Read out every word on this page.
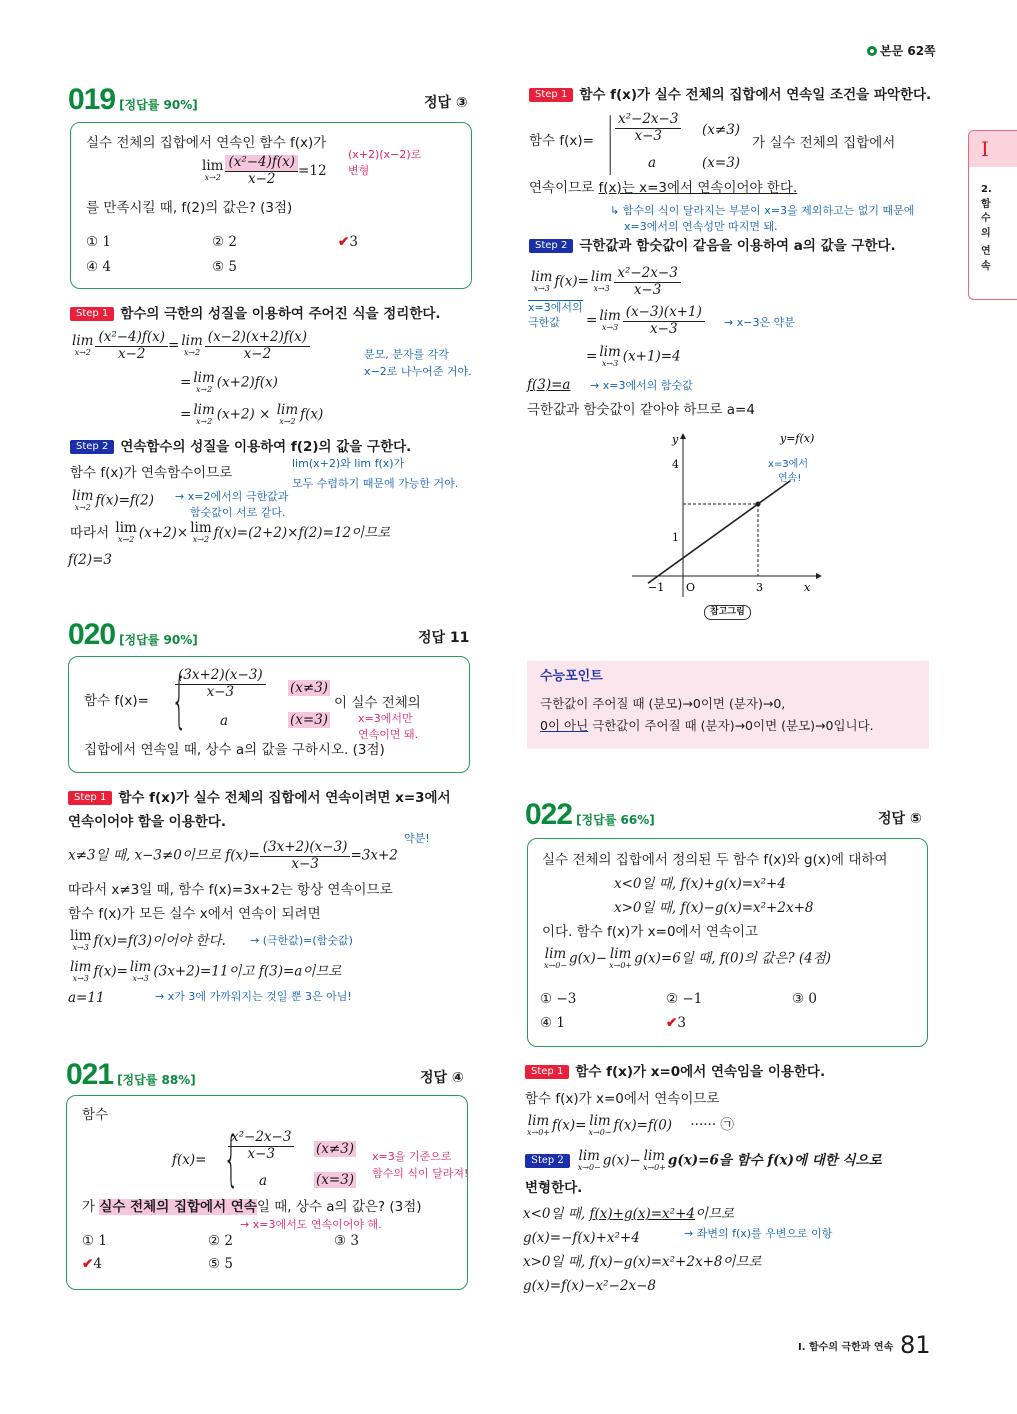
본문 62쪽
I
2.
함
수
의
연
속
019 [정답률 90%]	정답 ③
실수 전체의 집합에서 연속인 함수 f(x)가
lim
$x\to 2 \frac{\text{(x²−4)f(x)}}{x-2} =12$
(x+2)(x−2)로
변형
를 만족시킬 때, f(2)의 값은? (3점)
① 1	② 2	✔3
④ 4	⑤ 5
Step 1 함수의 극한의 성질을 이용하여 주어진 식을 정리한다.
lim
$x\to 2 \frac{\text{(x²−4)f(x)}}{x-2} = \lim$
$x\to 2 \frac{(x-2)(x+2)f(x)}{x-2}$
= lim
x→2 (x+2)f(x)
= lim
x→2 (x+2) × lim
x→2 f(x)
분모, 분자를 각각
x−2로 나누어준 거야.
Step 2 연속함수의 성질을 이용하여 f(2)의 값을 구한다.
lim(x+2)와 lim f(x)가
모두 수렴하기 때문에 가능한 거야.
함수 f(x)가 연속함수이므로
lim
x→2 f(x)=f(2) → x=2에서의 극한값과
함숫값이 서로 같다.
따라서 lim
x→2 (x+2)× lim
x→2 f(x)=(2+2)×f(2)=12이므로
f(2)=3
020 [정답률 90%]	정답 11
함수 f(x)= {
$\frac{(3x+2)(x-3)}{x-3}$
a
(x≠3)
(x=3)
이 실수 전체의
x=3에서만
연속이면 돼.
집합에서 연속일 때, 상수 a의 값을 구하시오. (3점)
Step 1 함수 f(x)가 실수 전체의 집합에서 연속이려면 x=3에서
연속이어야 함을 이용한다.
x≠3일 때, x−3≠0이므로 $f(x)= \frac{(3x+2)(x-3)}{x-3} =3x+2$
약분!
따라서 x≠3일 때, 함수 f(x)=3x+2는 항상 연속이므로
함수 f(x)가 모든 실수 x에서 연속이 되려면
lim
x→3 f(x)=f(3)이어야 한다. → (극한값)=(함숫값)
lim
x→3 f(x)= lim
x→3 (3x+2)=11이고 f(3)=a이므로
a=11	→ x가 3에 가까워지는 것일 뿐 3은 아님!
021 [정답률 88%]	정답 ④
함수
f(x)= {
$\frac{\text{x²−2x−3}}{x-3}$
a
(x≠3)
(x=3)
x=3을 기준으로
함수의 식이 달라져!
가 실수 전체의 집합에서 연속일 때, 상수 a의 값은? (3점)
→ x=3에서도 연속이어야 해.
① 1	② 2	③ 3
✔4	⑤ 5
Step 1 함수 f(x)가 실수 전체의 집합에서 연속일 조건을 파악한다.
함수 f(x)= | $\frac{\text{x²−2x−3}}{x-3}$
a
(x≠3)
(x=3)
가 실수 전체의 집합에서
연속이므로 f(x)는 x=3에서 연속이어야 한다.
↳ 함수의 식이 달라지는 부분이 x=3을 제외하고는 없기 때문에
x=3에서의 연속성만 따지면 돼.
Step 2 극한값과 함숫값이 같음을 이용하여 a의 값을 구한다.
lim
x→3 f(x)= lim
$x\to 3 \frac{\text{x²−2x−3}}{x-3}$
x=3에서의
극한값 = lim
$x\to 3 \frac{(x-3)(x+1)}{x-3} \to x-3$은 약분
= lim
x→3 (x+1)=4
f(3)=a → x=3에서의 함숫값
극한값과 함숫값이 같아야 하므로 a=4
y
x
O
4
1
−1	3
y=f(x)
x=3에서
연속!
참고그림
수능포인트
극한값이 주어질 때 (분모)→0이면 (분자)→0,
0이 아닌 극한값이 주어질 때 (분자)→0이면 (분모)→0입니다.
022 [정답률 66%]	정답 ⑤
실수 전체의 집합에서 정의된 두 함수 f(x)와 g(x)에 대하여
x<0일 때, f(x)+g(x)=x²+4
x>0일 때, f(x)−g(x)=x²+2x+8
이다. 함수 f(x)가 x=0에서 연속이고
lim
x→0− g(x)− lim
x→0+ g(x)=6일 때, f(0)의 값은? (4점)
① −3	② −1	③ 0
④ 1	✔3
Step 1 함수 f(x)가 x=0에서 연속임을 이용한다.
함수 f(x)가 x=0에서 연속이므로
lim
x→0+ f(x)= lim
x→0− f(x)=f(0) ······ ㉠
Step 2 lim
x→0− g(x)− lim
x→0+ g(x)=6을 함수 f(x)에 대한 식으로
변형한다.
x<0일 때, f(x)+g(x)=x²+4이므로
g(x)=−f(x)+x²+4	→ 좌변의 f(x)를 우변으로 이항
x>0일 때, f(x)−g(x)=x²+2x+8이므로
g(x)=f(x)−x²−2x−8
I. 함수의 극한과 연속 81
